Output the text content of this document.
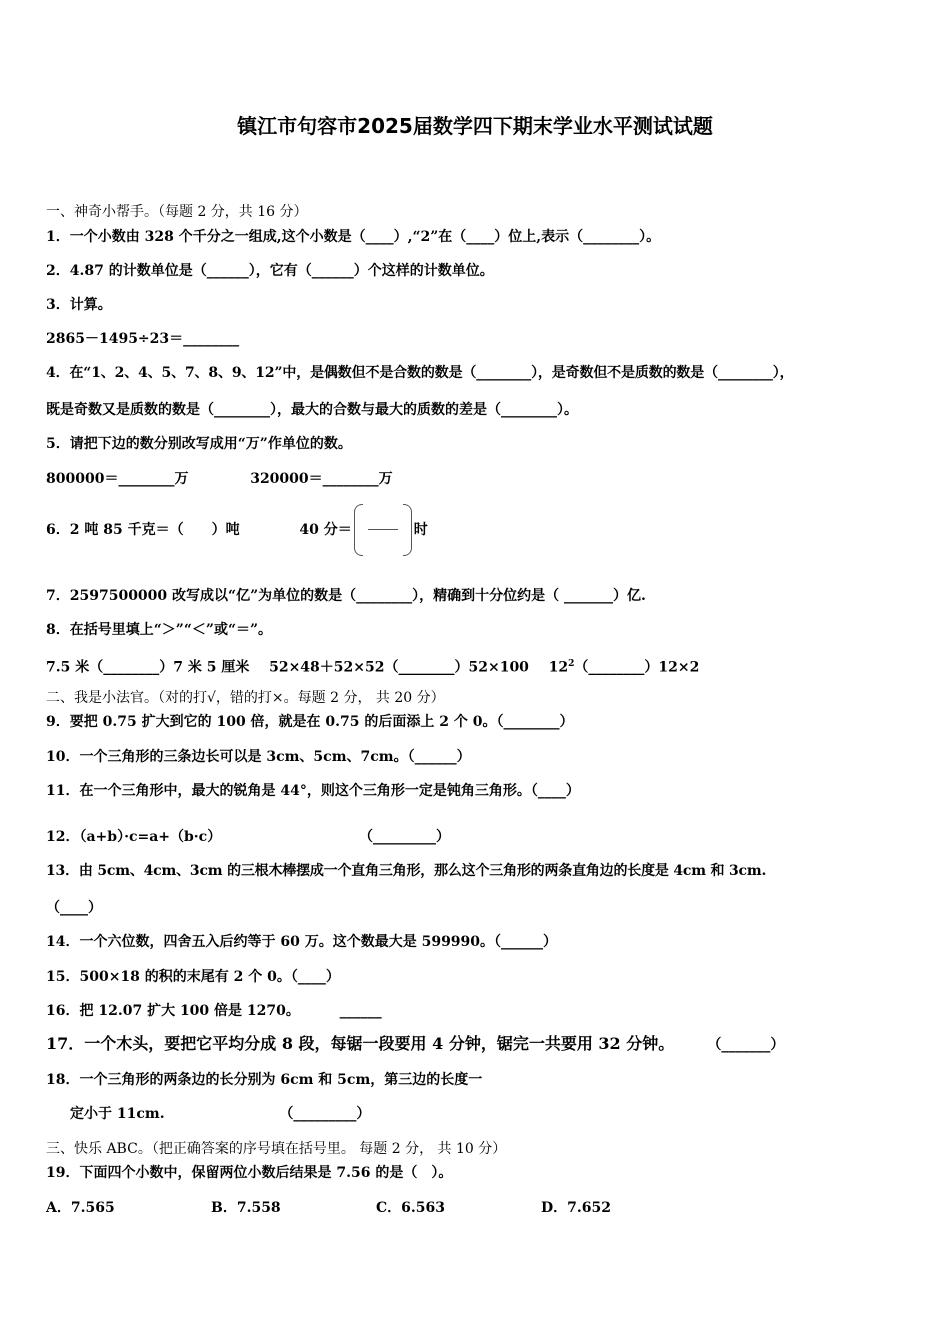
镇江市句容市2025届数学四下期末学业水平测试试题
一、神奇小帮手。（每题 2 分，共 16 分）
1．一个小数由 328 个千分之一组成,这个小数是（____）,“2”在（____）位上,表示（________）。
2．4.87 的计数单位是（______），它有（______）个这样的计数单位。
3．计算。
2865－1495÷23＝________
4．在“1、2、4、5、7、8、9、12”中，是偶数但不是合数的数是（________），是奇数但不是质数的数是（________），
既是奇数又是质数的数是（________），最大的合数与最大的质数的差是（________）。
5．请把下边的数分别改写成用“万”作单位的数。
800000＝________万	320000＝________万
6．2 吨 85 千克＝（　　）吨	40 分＝	时
7．2597500000 改写成以“亿”为单位的数是（________），精确到十分位约是（ _______）亿.
8．在括号里填上“＞”“＜”或“＝”。
7.5 米（________）7 米 5 厘米 52×48＋52×52（________）52×100 $12^2(\_\_\_\_\_\_\_\_)12\times 2$
二、我是小法官。（对的打√，错的打×。每题 2 分， 共 20 分）
9．要把 0.75 扩大到它的 100 倍，就是在 0.75 的后面添上 2 个 0。（________）
10．一个三角形的三条边长可以是 3cm、5cm、7cm。（______）
11．在一个三角形中，最大的锐角是 44°，则这个三角形一定是钝角三角形。（____）
12．（a+b）·c=a+（b·c）	（_________）
13．由 5cm、4cm、3cm 的三根木棒摆成一个直角三角形，那么这个三角形的两条直角边的长度是 4cm 和 3cm.
（____）
14．一个六位数，四舍五入后约等于 60 万。这个数最大是 599990。（______）
15．500×18 的积的末尾有 2 个 0。（____）
16．把 12.07 扩大 100 倍是 1270。	______
17．一个木头，要把它平均分成 8 段，每锯一段要用 4 分钟，锯完一共要用 32 分钟。 （_______）
18．一个三角形的两条边的长分别为 6cm 和 5cm，第三边的长度一
定小于 11cm.	（_________）
三、快乐 ABC。（把正确答案的序号填在括号里。 每题 2 分， 共 10 分）
19．下面四个小数中，保留两位小数后结果是 7.56 的是（　）。
A．7.565	B．7.558	C．6.563	D．7.652
